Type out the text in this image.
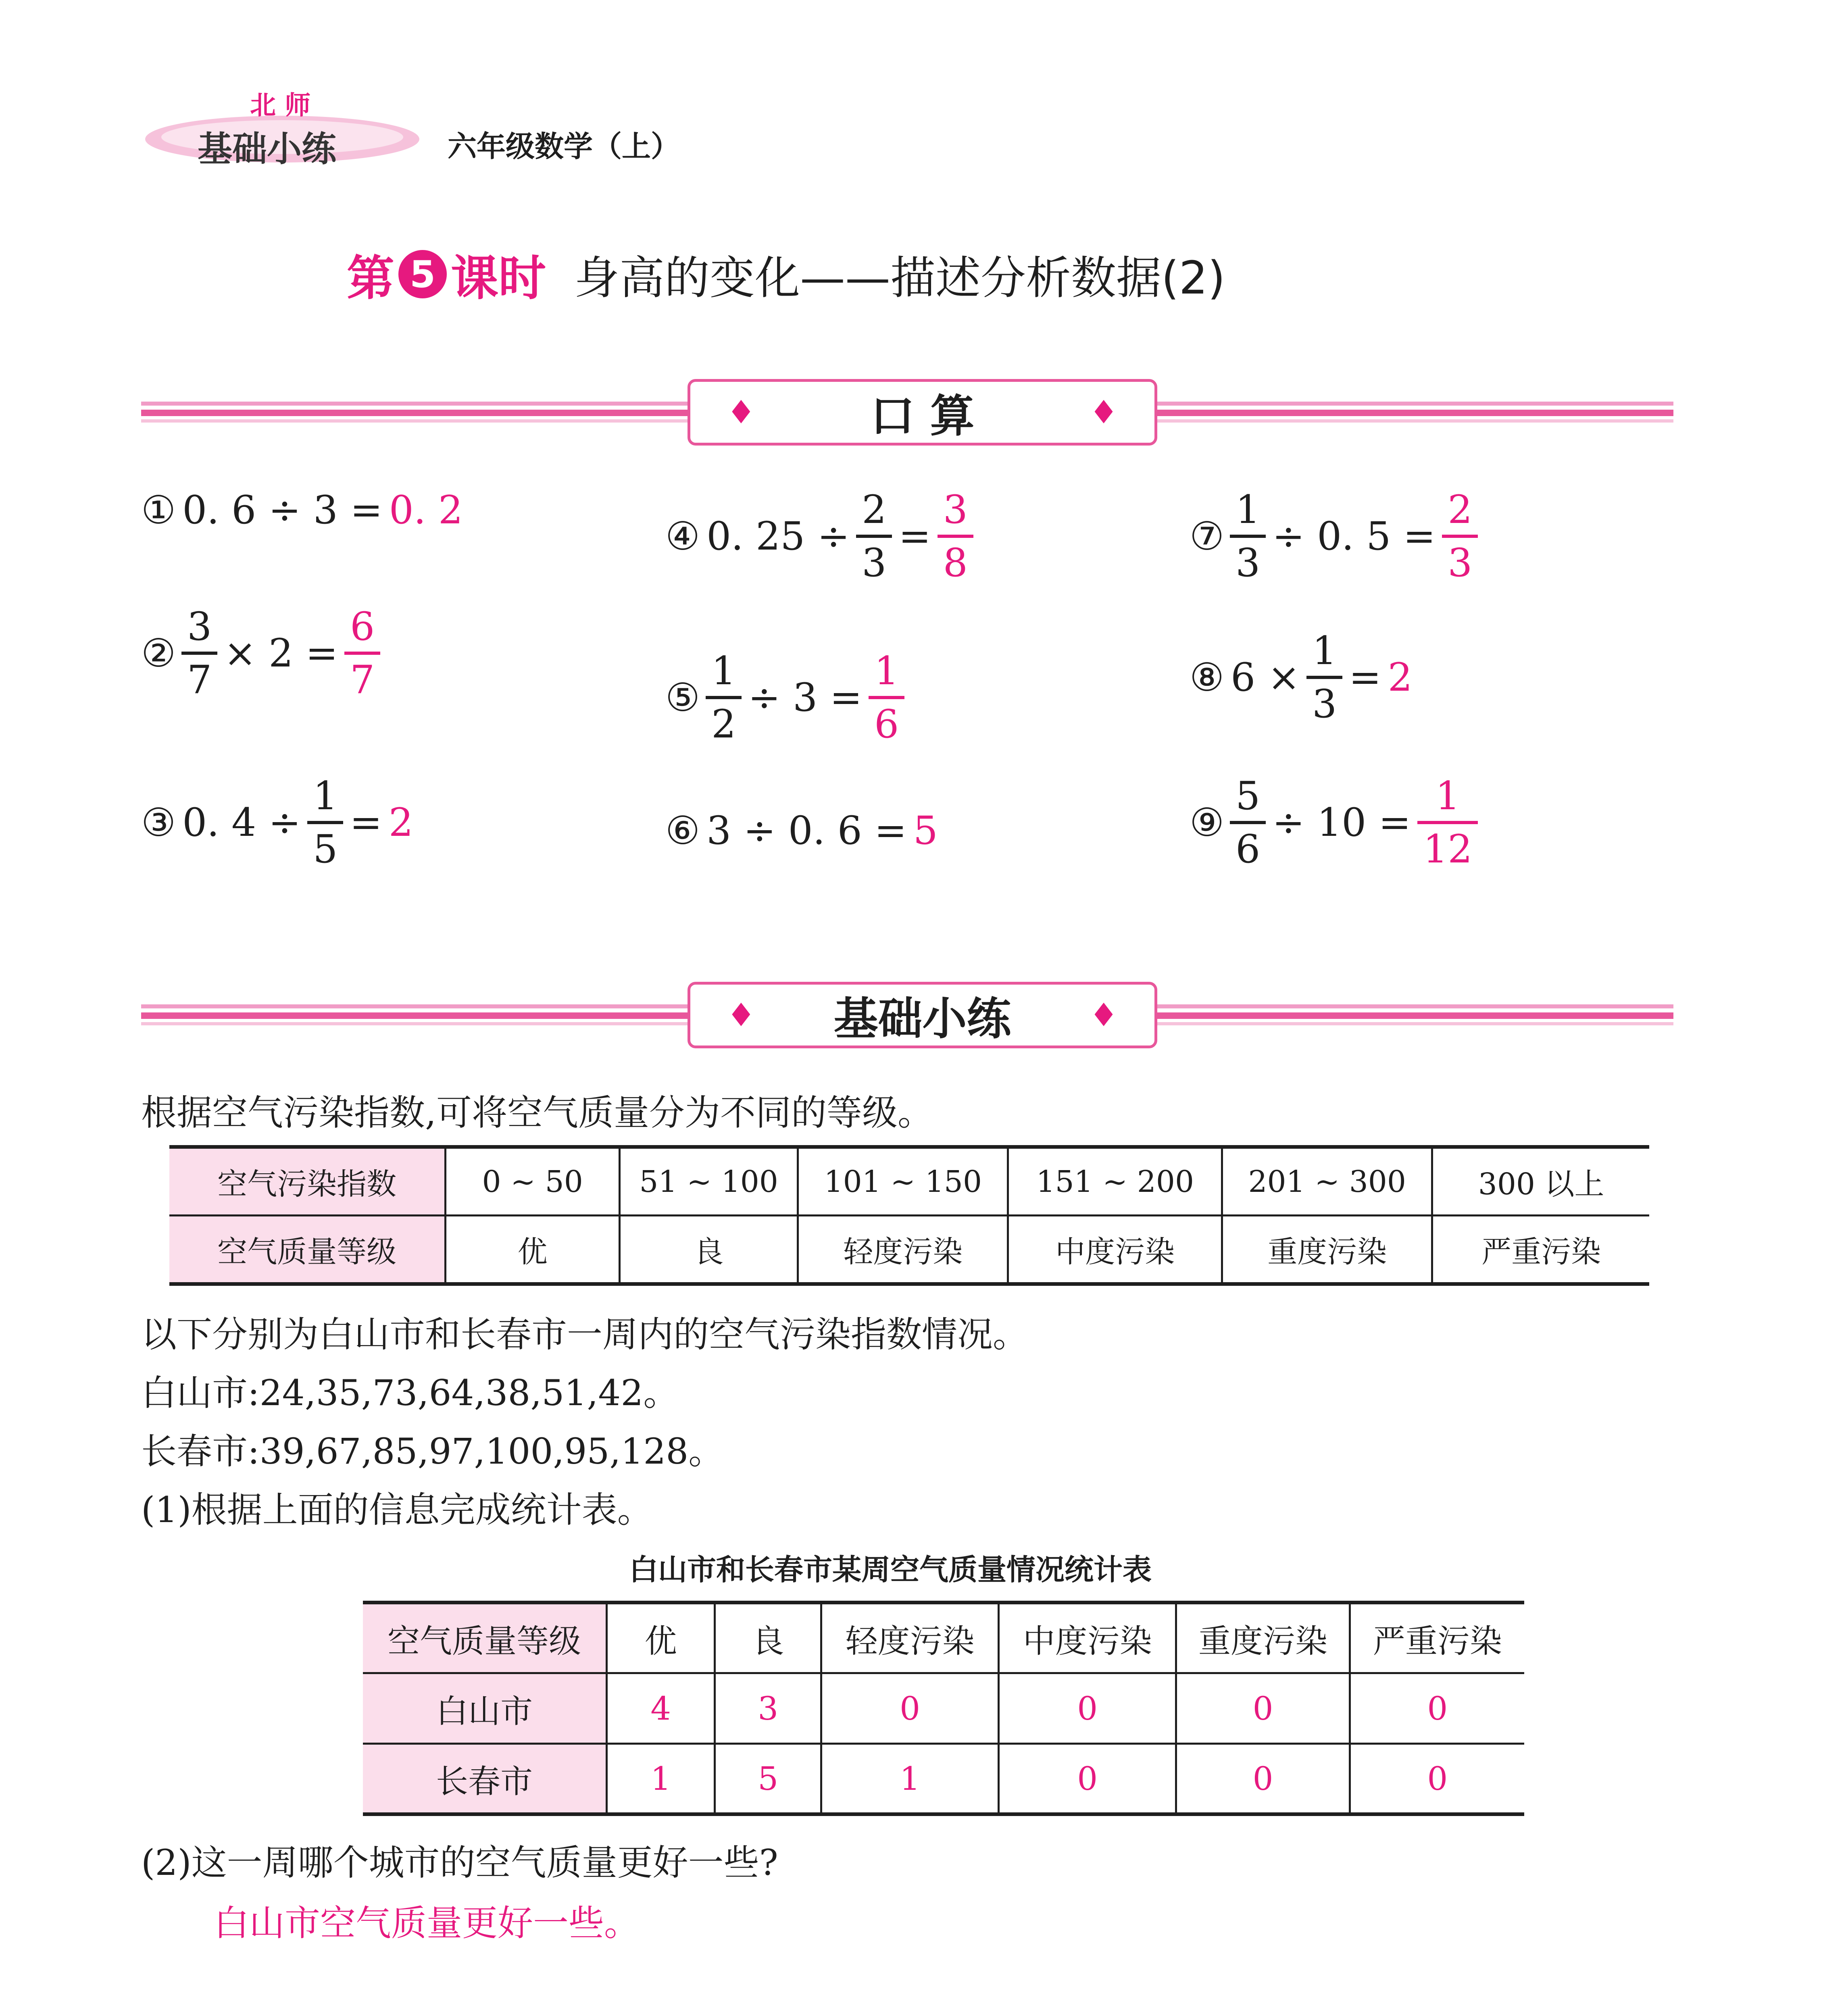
北 师
基础小练	六年级数学（上）
第 5 课时 身高的变化——描述分析数据(2)
♦	口 算	♦
① 0. 6 ÷ 3 = 0. 2
②
3
7
× 2 =
6
7
③ 0. 4 ÷
1
5
= 2
④ 0. 25 ÷
2
3
=
3
8
⑤
1
2
÷ 3 =
1
6
⑥ 3 ÷ 0. 6 = 5
⑦
1
3
÷ 0. 5 =
2
3
⑧ 6 ×
1
3
= 2
⑨
5
6
÷ 10 =
1
12
♦ 基础小练 ♦
根据空气污染指数,可将空气质量分为不同的等级。
空气污染指数	0 ~ 50	51 ~ 100	101 ~ 150	151 ~ 200	201 ~ 300	300 以上
空气质量等级	优	良	轻度污染	中度污染	重度污染	严重污染
以下分别为白山市和长春市一周内的空气污染指数情况。
白山市:24,35,73,64,38,51,42。
长春市:39,67,85,97,100,95,128。
(1)根据上面的信息完成统计表。
白山市和长春市某周空气质量情况统计表
空气质量等级	优	良	轻度污染	中度污染	重度污染	严重污染
白山市	4	3	0	0	0	0
长春市	1	5	1	0	0	0
(2)这一周哪个城市的空气质量更好一些?
白山市空气质量更好一些。
